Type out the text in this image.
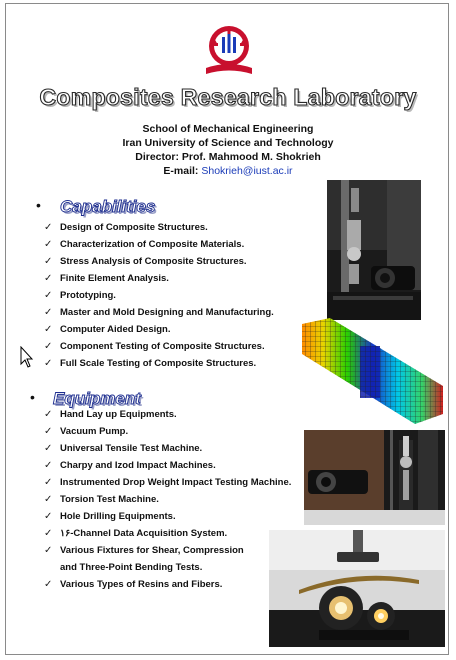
Composites Research Laboratory
School of Mechanical Engineering
Iran University of Science and Technology
Director: Prof. Mahmood M. Shokrieh
E-mail: Shokrieh@iust.ac.ir
• Capabilities
✓ Design of Composite Structures.
✓ Characterization of Composite Materials.
✓ Stress Analysis of Composite Structures.
✓ Finite Element Analysis.
✓ Prototyping.
✓ Master and Mold Designing and Manufacturing.
✓ Computer Aided Design.
✓ Component Testing of Composite Structures.
✓ Full Scale Testing of Composite Structures.
• Equipment
✓ Hand Lay up Equipments.
✓ Vacuum Pump.
✓ Universal Tensile Test Machine.
✓ Charpy and Izod Impact Machines.
✓ Instrumented Drop Weight Impact Testing Machine.
✓ Torsion Test Machine.
✓ Hole Drilling Equipments.
✓ ۱۶-Channel Data Acquisition System.
✓ Various Fixtures for Shear, Compression
and Three-Point Bending Tests.
✓ Various Types of Resins and Fibers.
